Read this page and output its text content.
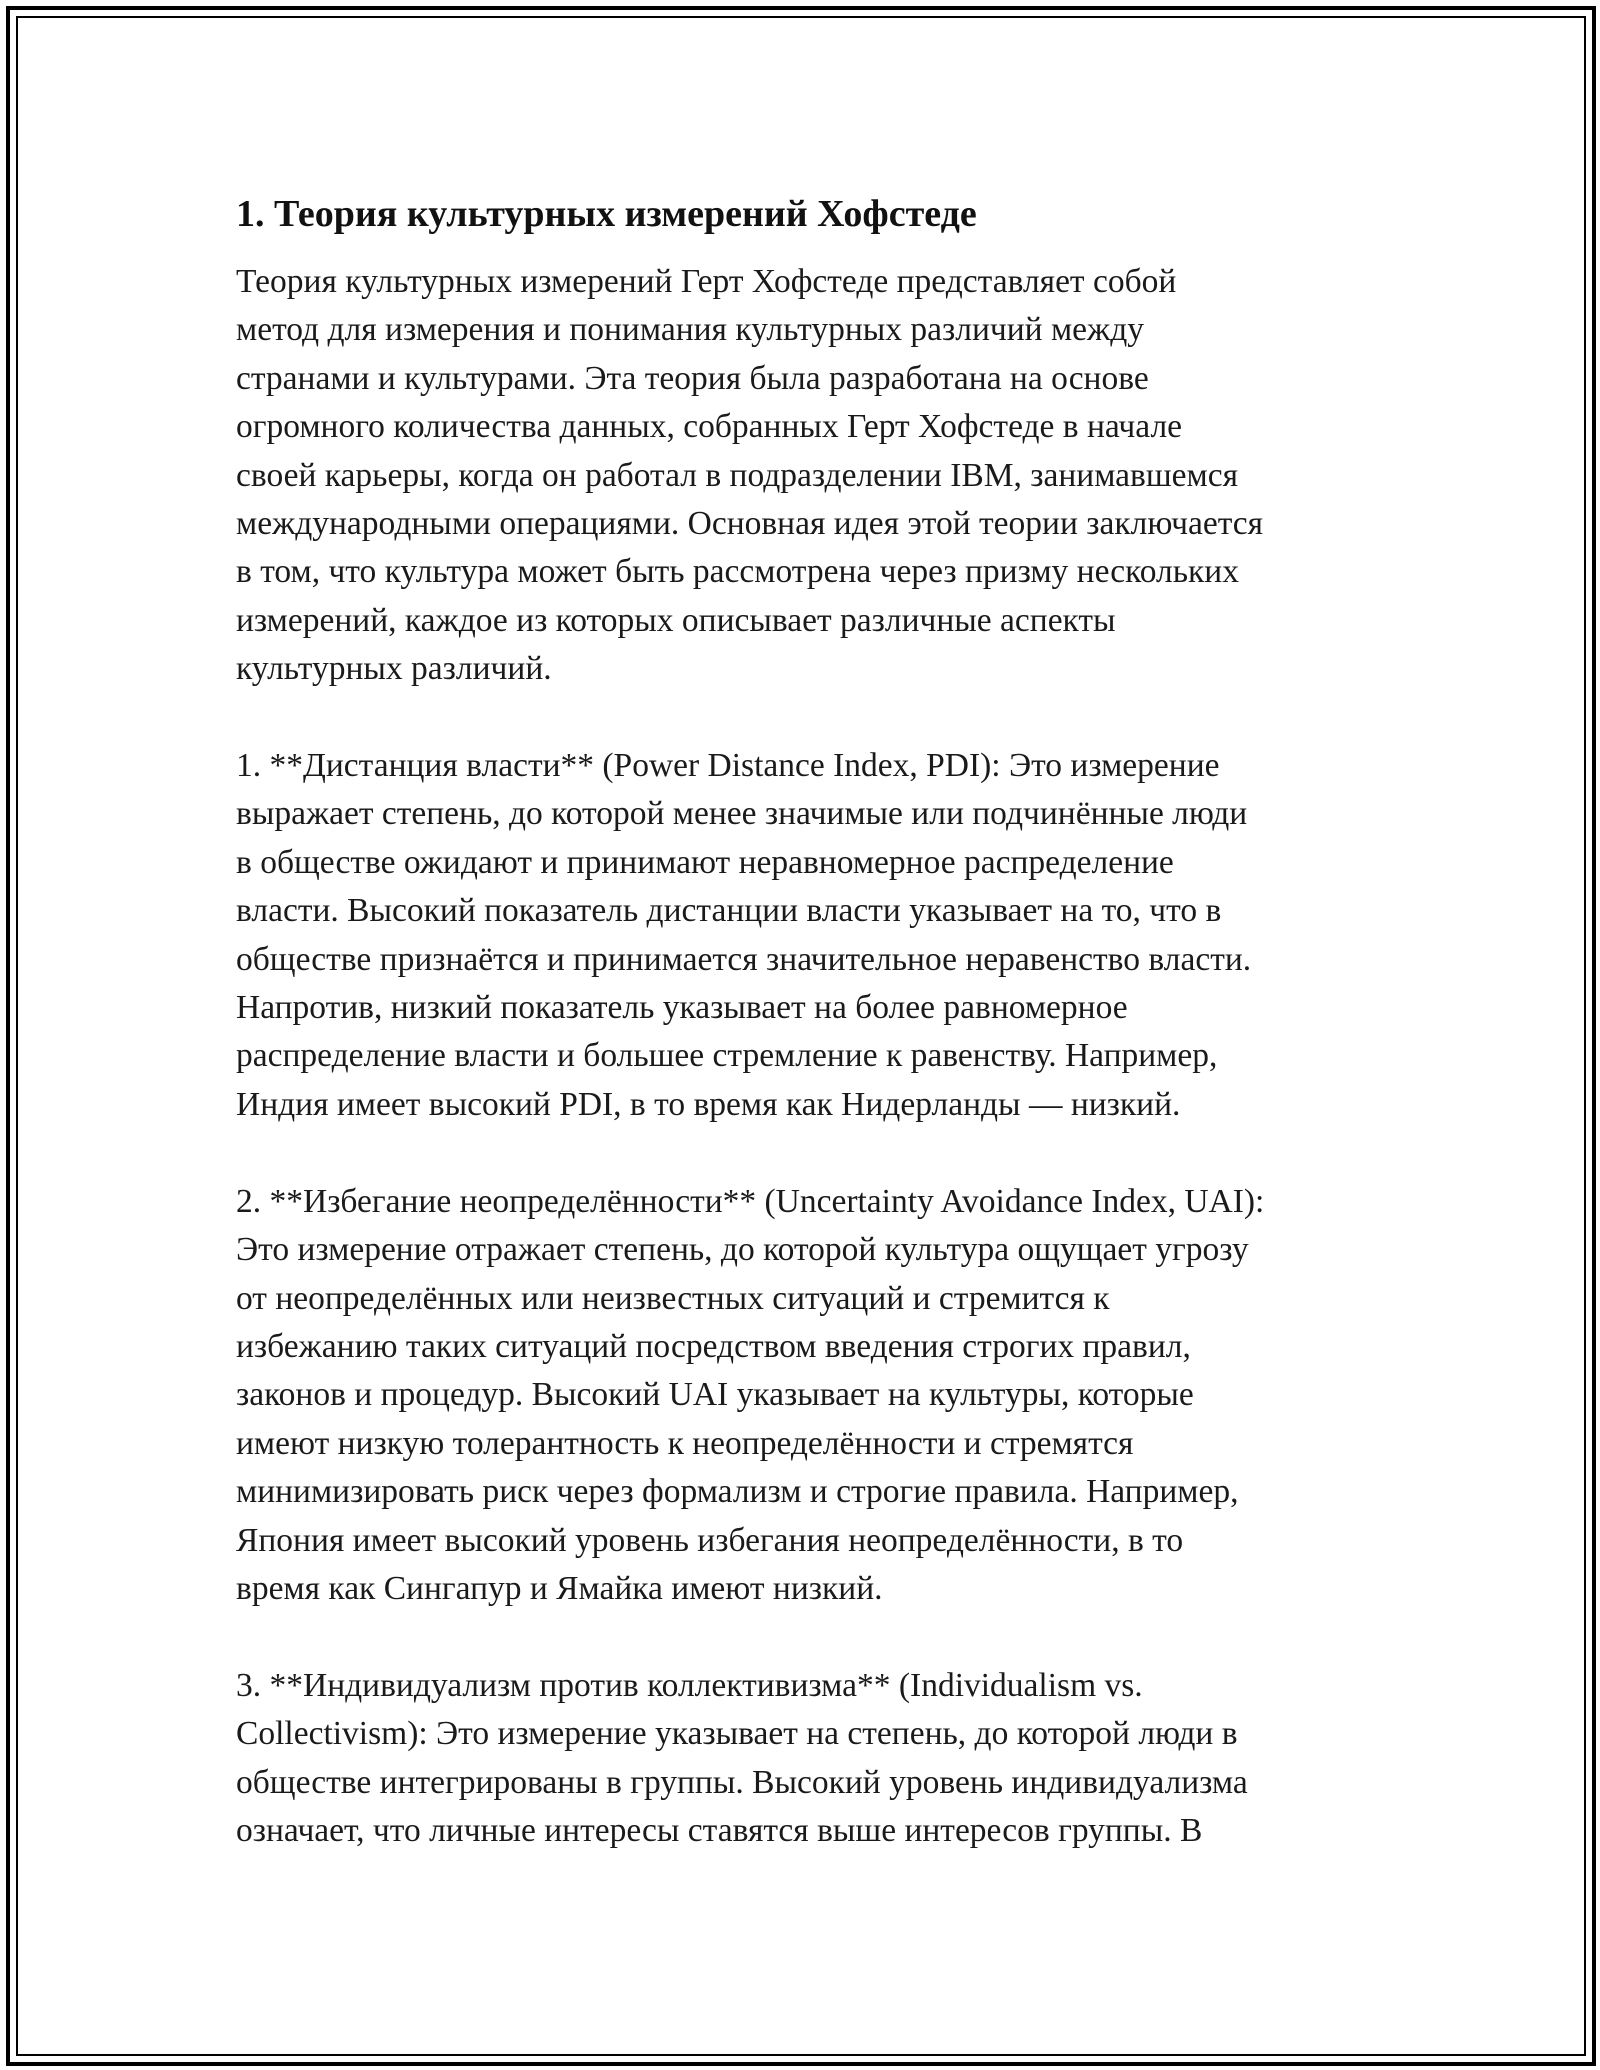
1. Теория культурных измерений Хофстеде

Теория культурных измерений Герт Хофстеде представляет собой
метод для измерения и понимания культурных различий между
странами и культурами. Эта теория была разработана на основе
огромного количества данных, собранных Герт Хофстеде в начале
своей карьеры, когда он работал в подразделении IBM, занимавшемся
международными операциями. Основная идея этой теории заключается
в том, что культура может быть рассмотрена через призму нескольких
измерений, каждое из которых описывает различные аспекты
культурных различий.

1. **Дистанция власти** (Power Distance Index, PDI): Это измерение
выражает степень, до которой менее значимые или подчинённые люди
в обществе ожидают и принимают неравномерное распределение
власти. Высокий показатель дистанции власти указывает на то, что в
обществе признаётся и принимается значительное неравенство власти.
Напротив, низкий показатель указывает на более равномерное
распределение власти и большее стремление к равенству. Например,
Индия имеет высокий PDI, в то время как Нидерланды — низкий.

2. **Избегание неопределённости** (Uncertainty Avoidance Index, UAI):
Это измерение отражает степень, до которой культура ощущает угрозу
от неопределённых или неизвестных ситуаций и стремится к
избежанию таких ситуаций посредством введения строгих правил,
законов и процедур. Высокий UAI указывает на культуры, которые
имеют низкую толерантность к неопределённости и стремятся
минимизировать риск через формализм и строгие правила. Например,
Япония имеет высокий уровень избегания неопределённости, в то
время как Сингапур и Ямайка имеют низкий.

3. **Индивидуализм против коллективизма** (Individualism vs.
Collectivism): Это измерение указывает на степень, до которой люди в
обществе интегрированы в группы. Высокий уровень индивидуализма
означает, что личные интересы ставятся выше интересов группы. В
